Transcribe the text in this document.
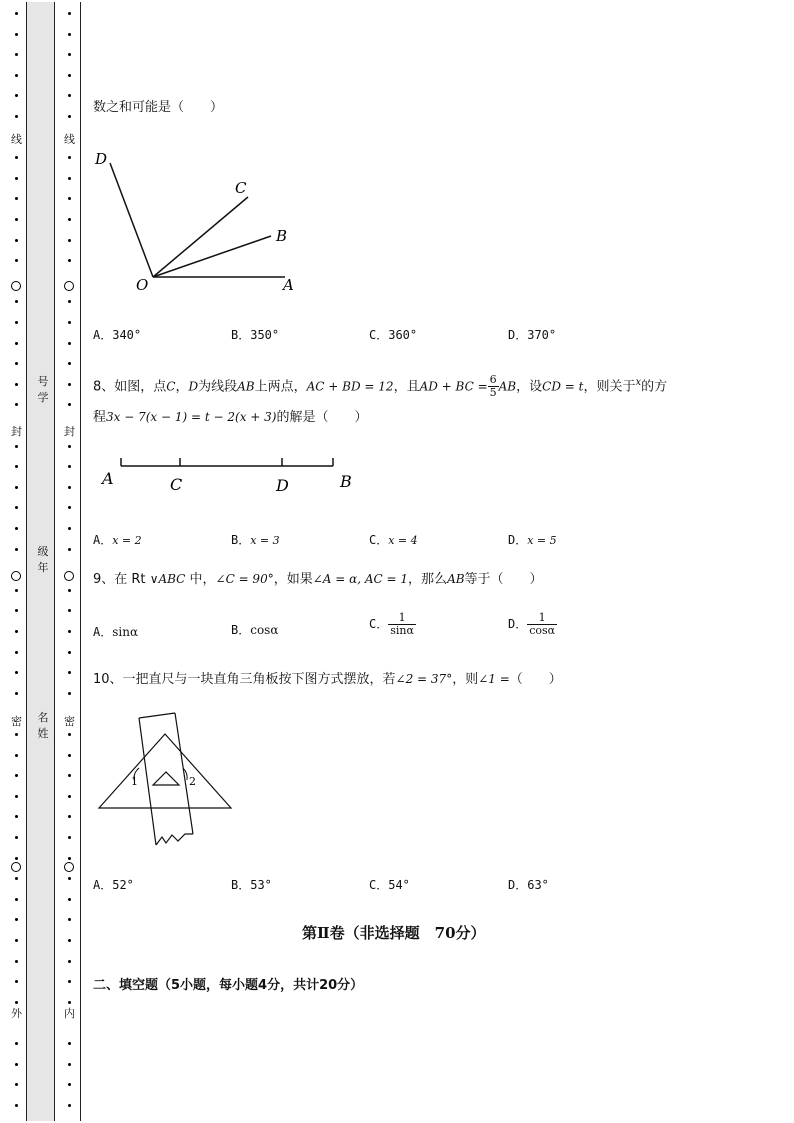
线
封
密
外
线
封
密
内
号学
级年
名姓
数之和可能是（　　）
D
C
B
O	A
A．340°	B．350°	C．360°	D．370°
8、如图，点C，D为线段AB上两点，AC + BD = 12，且AD + BC = $\frac{6}{5}$ AB，设CD = t，则关于$^x$的方
程3x − 7(x − 1) = t − 2(x + 3)的解是（　　）
A	C	D	B
A．x = 2	B．x = 3	C．x = 4	D．x = 5
9、在 Rt ∨ABC 中，∠C = 90°，如果∠A = α, AC = 1，那么AB等于（　　）
A．sinα	B．cosα	C． $\frac{1}{\sin\alpha}$	D． $\frac{1}{\cos\alpha}$
10、一把直尺与一块直角三角板按下图方式摆放，若∠2 = 37°，则∠1 =（　　）
1	2
A．52°	B．53°	C．54°	D．63°
第Ⅱ卷（非选择题　70分）
二、填空题（5小题，每小题4分，共计20分）
